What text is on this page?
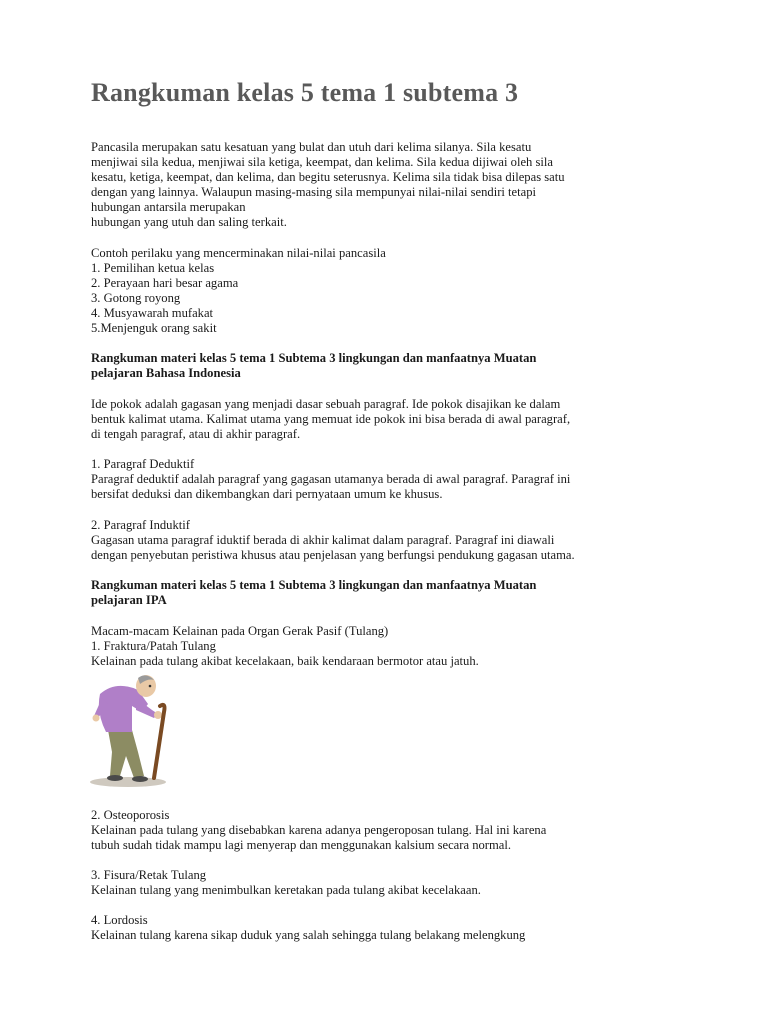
Rangkuman kelas 5 tema 1 subtema 3

Pancasila merupakan satu kesatuan yang bulat dan utuh dari kelima silanya. Sila kesatu

menjiwai sila kedua, menjiwai sila ketiga, keempat, dan kelima. Sila kedua dijiwai oleh sila

kesatu, ketiga, keempat, dan kelima, dan begitu seterusnya. Kelima sila tidak bisa dilepas satu

dengan yang lainnya. Walaupun masing-masing sila mempunyai nilai-nilai sendiri tetapi

hubungan antarsila merupakan

hubungan yang utuh dan saling terkait.

Contoh perilaku yang mencerminakan nilai-nilai pancasila

1. Pemilihan ketua kelas

2. Perayaan hari besar agama

3. Gotong royong

4. Musyawarah mufakat

5.Menjenguk orang sakit

Rangkuman materi kelas 5 tema 1 Subtema 3 lingkungan dan manfaatnya Muatan

pelajaran Bahasa Indonesia

Ide pokok adalah gagasan yang menjadi dasar sebuah paragraf. Ide pokok disajikan ke dalam

bentuk kalimat utama. Kalimat utama yang memuat ide pokok ini bisa berada di awal paragraf,

di tengah paragraf, atau di akhir paragraf.

1. Paragraf Deduktif

Paragraf deduktif adalah paragraf yang gagasan utamanya berada di awal paragraf. Paragraf ini

bersifat deduksi dan dikembangkan dari pernyataan umum ke khusus.

2. Paragraf Induktif

Gagasan utama paragraf iduktif berada di akhir kalimat dalam paragraf. Paragraf ini diawali

dengan penyebutan peristiwa khusus atau penjelasan yang berfungsi pendukung gagasan utama.

Rangkuman materi kelas 5 tema 1 Subtema 3 lingkungan dan manfaatnya Muatan

pelajaran IPA

Macam-macam Kelainan pada Organ Gerak Pasif (Tulang)

1. Fraktura/Patah Tulang

Kelainan pada tulang akibat kecelakaan, baik kendaraan bermotor atau jatuh.

2. Osteoporosis

Kelainan pada tulang yang disebabkan karena adanya pengeroposan tulang. Hal ini karena

tubuh sudah tidak mampu lagi menyerap dan menggunakan kalsium secara normal.

3. Fisura/Retak Tulang

Kelainan tulang yang menimbulkan keretakan pada tulang akibat kecelakaan.

4. Lordosis

Kelainan tulang karena sikap duduk yang salah sehingga tulang belakang melengkung
